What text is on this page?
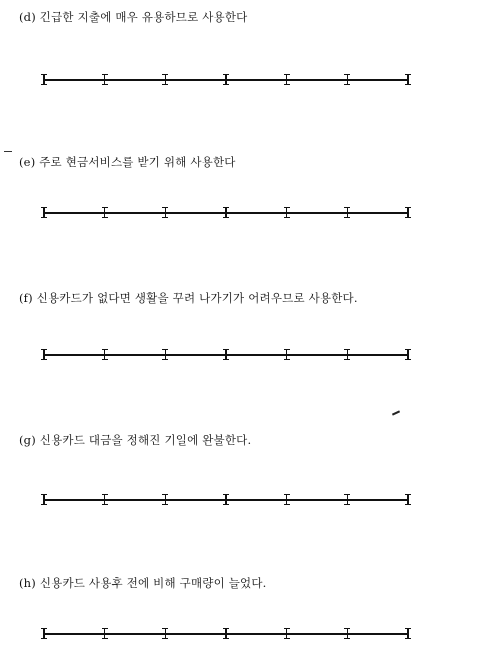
(d) 긴급한 지출에 매우 유용하므로 사용한다
(e) 주로 현금서비스를 받기 위해 사용한다
(f) 신용카드가 없다면 생활을 꾸려 나가기가 어려우므로 사용한다.
(g) 신용카드 대금을 정해진 기일에 완불한다.
(h) 신용카드 사용후 전에 비해 구매량이 늘었다.
